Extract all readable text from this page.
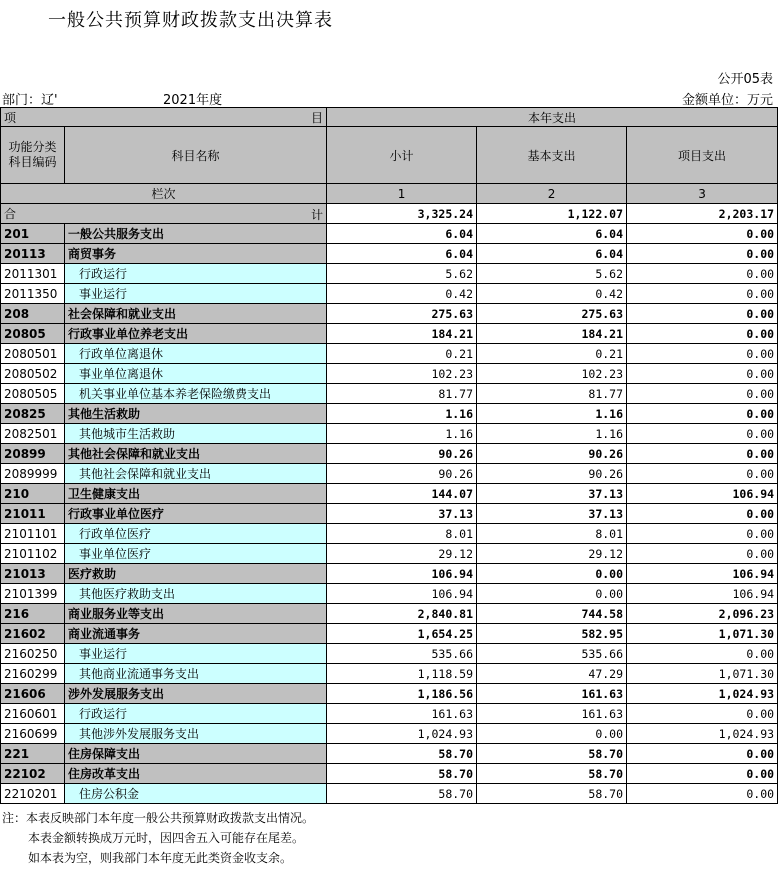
一般公共预算财政拨款支出决算表
公开05表
部门：辽'	2021年度	金额单位：万元
项 目		本年支出		
功能分类科目编码	科目名称	小计	基本支出	项目支出
栏次		1	2	3
合 计		3,325.24	1,122.07	2,203.17
201	一般公共服务支出	6.04	6.04	0.00
20113	商贸事务	6.04	6.04	0.00
2011301	行政运行	5.62	5.62	0.00
2011350	事业运行	0.42	0.42	0.00
208	社会保障和就业支出	275.63	275.63	0.00
20805	行政事业单位养老支出	184.21	184.21	0.00
2080501	行政单位离退休	0.21	0.21	0.00
2080502	事业单位离退休	102.23	102.23	0.00
2080505	机关事业单位基本养老保险缴费支出	81.77	81.77	0.00
20825	其他生活救助	1.16	1.16	0.00
2082501	其他城市生活救助	1.16	1.16	0.00
20899	其他社会保障和就业支出	90.26	90.26	0.00
2089999	其他社会保障和就业支出	90.26	90.26	0.00
210	卫生健康支出	144.07	37.13	106.94
21011	行政事业单位医疗	37.13	37.13	0.00
2101101	行政单位医疗	8.01	8.01	0.00
2101102	事业单位医疗	29.12	29.12	0.00
21013	医疗救助	106.94	0.00	106.94
2101399	其他医疗救助支出	106.94	0.00	106.94
216	商业服务业等支出	2,840.81	744.58	2,096.23
21602	商业流通事务	1,654.25	582.95	1,071.30
2160250	事业运行	535.66	535.66	0.00
2160299	其他商业流通事务支出	1,118.59	47.29	1,071.30
21606	涉外发展服务支出	1,186.56	161.63	1,024.93
2160601	行政运行	161.63	161.63	0.00
2160699	其他涉外发展服务支出	1,024.93	0.00	1,024.93
221	住房保障支出	58.70	58.70	0.00
22102	住房改革支出	58.70	58.70	0.00
2210201	住房公积金	58.70	58.70	0.00
注：本表反映部门本年度一般公共预算财政拨款支出情况。
本表金额转换成万元时，因四舍五入可能存在尾差。
如本表为空，则我部门本年度无此类资金收支余。
